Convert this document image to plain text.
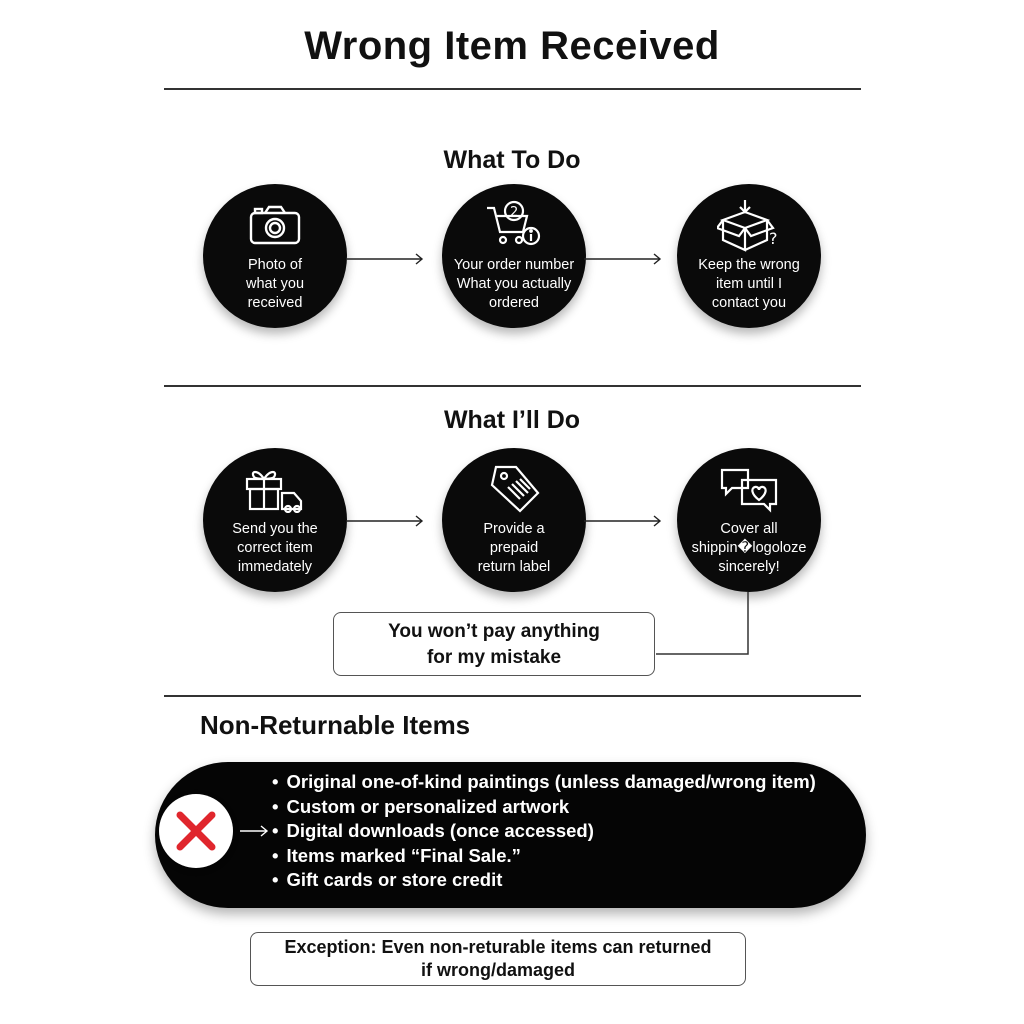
Wrong Item Received
What To Do
Photo of
what you
received
2
Your order number
What you actually
ordered
?
Keep the wrong
item until I
contact you
What I’ll Do
Send you the
correct item
immedately
Provide a
prepaid
return label
Cover all
shippin�logoloze
sincerely!
You won’t pay anything
for my mistake
Non-Returnable Items
• Original one-of-kind paintings (unless damaged/wrong item)
• Custom or personalized artwork
• Digital downloads (once accessed)
• Items marked “Final Sale.”
• Gift cards or store credit
Exception: Even non-returable items can returned
if wrong/damaged
